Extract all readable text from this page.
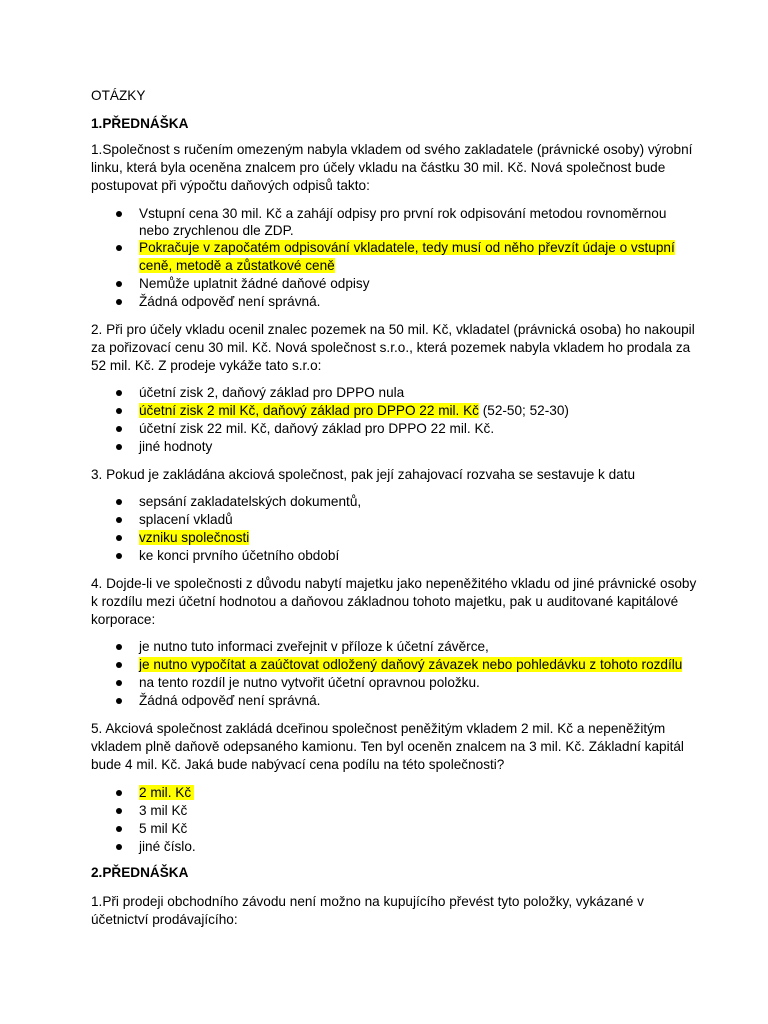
OTÁZKY
1.PŘEDNÁŠKA
1.Společnost s ručením omezeným nabyla vkladem od svého zakladatele (právnické osoby) výrobní
linku, která byla oceněna znalcem pro účely vkladu na částku 30 mil. Kč. Nová společnost bude
postupovat při výpočtu daňových odpisů takto:
Vstupní cena 30 mil. Kč a zahájí odpisy pro první rok odpisování metodou rovnoměrnou
nebo zrychlenou dle ZDP.
Pokračuje v započatém odpisování vkladatele, tedy musí od něho převzít údaje o vstupní
ceně, metodě a zůstatkové ceně
Nemůže uplatnit žádné daňové odpisy
Žádná odpověď není správná.
2. Při pro účely vkladu ocenil znalec pozemek na 50 mil. Kč, vkladatel (právnická osoba) ho nakoupil
za pořizovací cenu 30 mil. Kč. Nová společnost s.r.o., která pozemek nabyla vkladem ho prodala za
52 mil. Kč. Z prodeje vykáže tato s.r.o:
účetní zisk 2, daňový základ pro DPPO nula
účetní zisk 2 mil Kč, daňový základ pro DPPO 22 mil. Kč (52-50; 52-30)
účetní zisk 22 mil. Kč, daňový základ pro DPPO 22 mil. Kč.
jiné hodnoty
3. Pokud je zakládána akciová společnost, pak její zahajovací rozvaha se sestavuje k datu
sepsání zakladatelských dokumentů,
splacení vkladů
vzniku společnosti
ke konci prvního účetního období
4. Dojde-li ve společnosti z důvodu nabytí majetku jako nepeněžitého vkladu od jiné právnické osoby
k rozdílu mezi účetní hodnotou a daňovou základnou tohoto majetku, pak u auditované kapitálové
korporace:
je nutno tuto informaci zveřejnit v příloze k účetní závěrce,
je nutno vypočítat a zaúčtovat odložený daňový závazek nebo pohledávku z tohoto rozdílu
na tento rozdíl je nutno vytvořit účetní opravnou položku.
Žádná odpověď není správná.
5. Akciová společnost zakládá dceřinou společnost peněžitým vkladem 2 mil. Kč a nepeněžitým
vkladem plně daňově odepsaného kamionu. Ten byl oceněn znalcem na 3 mil. Kč. Základní kapitál
bude 4 mil. Kč. Jaká bude nabývací cena podílu na této společnosti?
2 mil. Kč
3 mil Kč
5 mil Kč
jiné číslo.
2.PŘEDNÁŠKA
1.Při prodeji obchodního závodu není možno na kupujícího převést tyto položky, vykázané v
účetnictví prodávajícího:
